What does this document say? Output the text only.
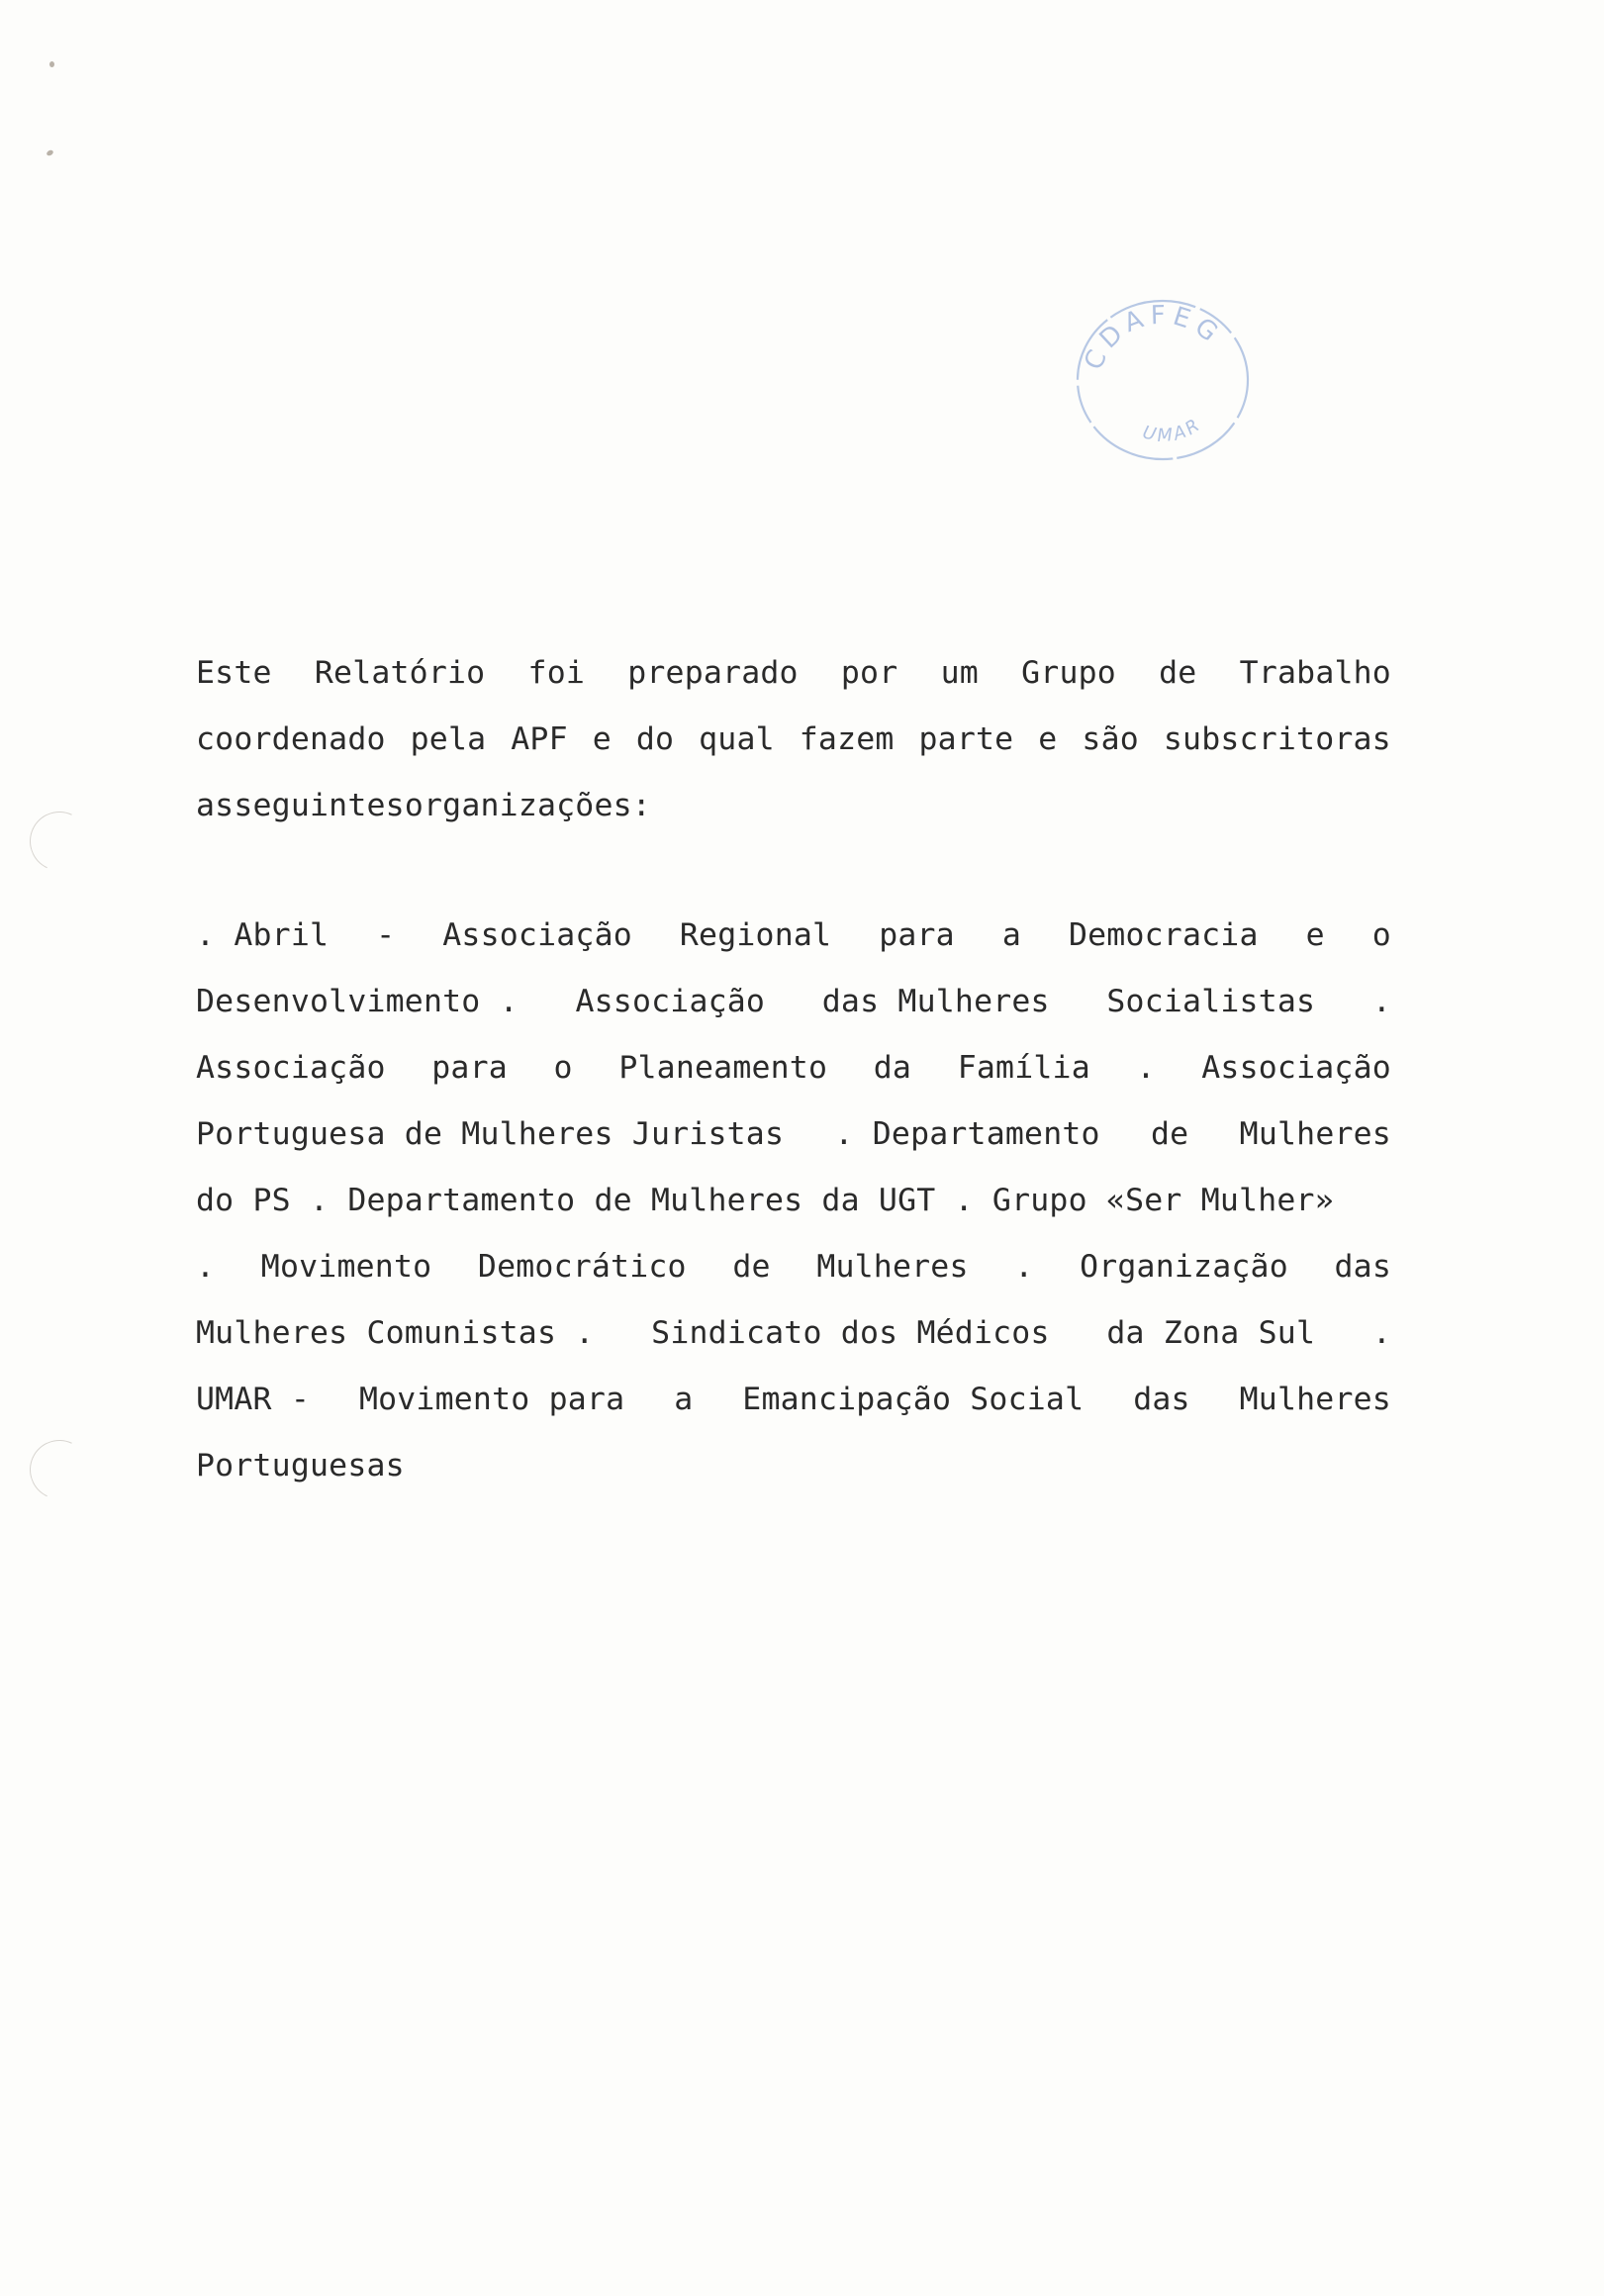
CDAFEG
UMAR
Este Relatório foi preparado por um Grupo de Trabalho
coordenado pela APF e do qual fazem parte e são subscritoras
as seguintes organizações:
. Abril - Associação Regional para a Democracia e o
Desenvolvimento . Associação das Mulheres Socialistas .
Associação para o Planeamento da Família . Associação
Portuguesa de Mulheres Juristas . Departamento de Mulheres
do PS . Departamento de Mulheres da UGT . Grupo «Ser Mulher»
. Movimento Democrático de Mulheres . Organização das
Mulheres Comunistas . Sindicato dos Médicos da Zona Sul .
UMAR - Movimento para a Emancipação Social das Mulheres
Portuguesas
